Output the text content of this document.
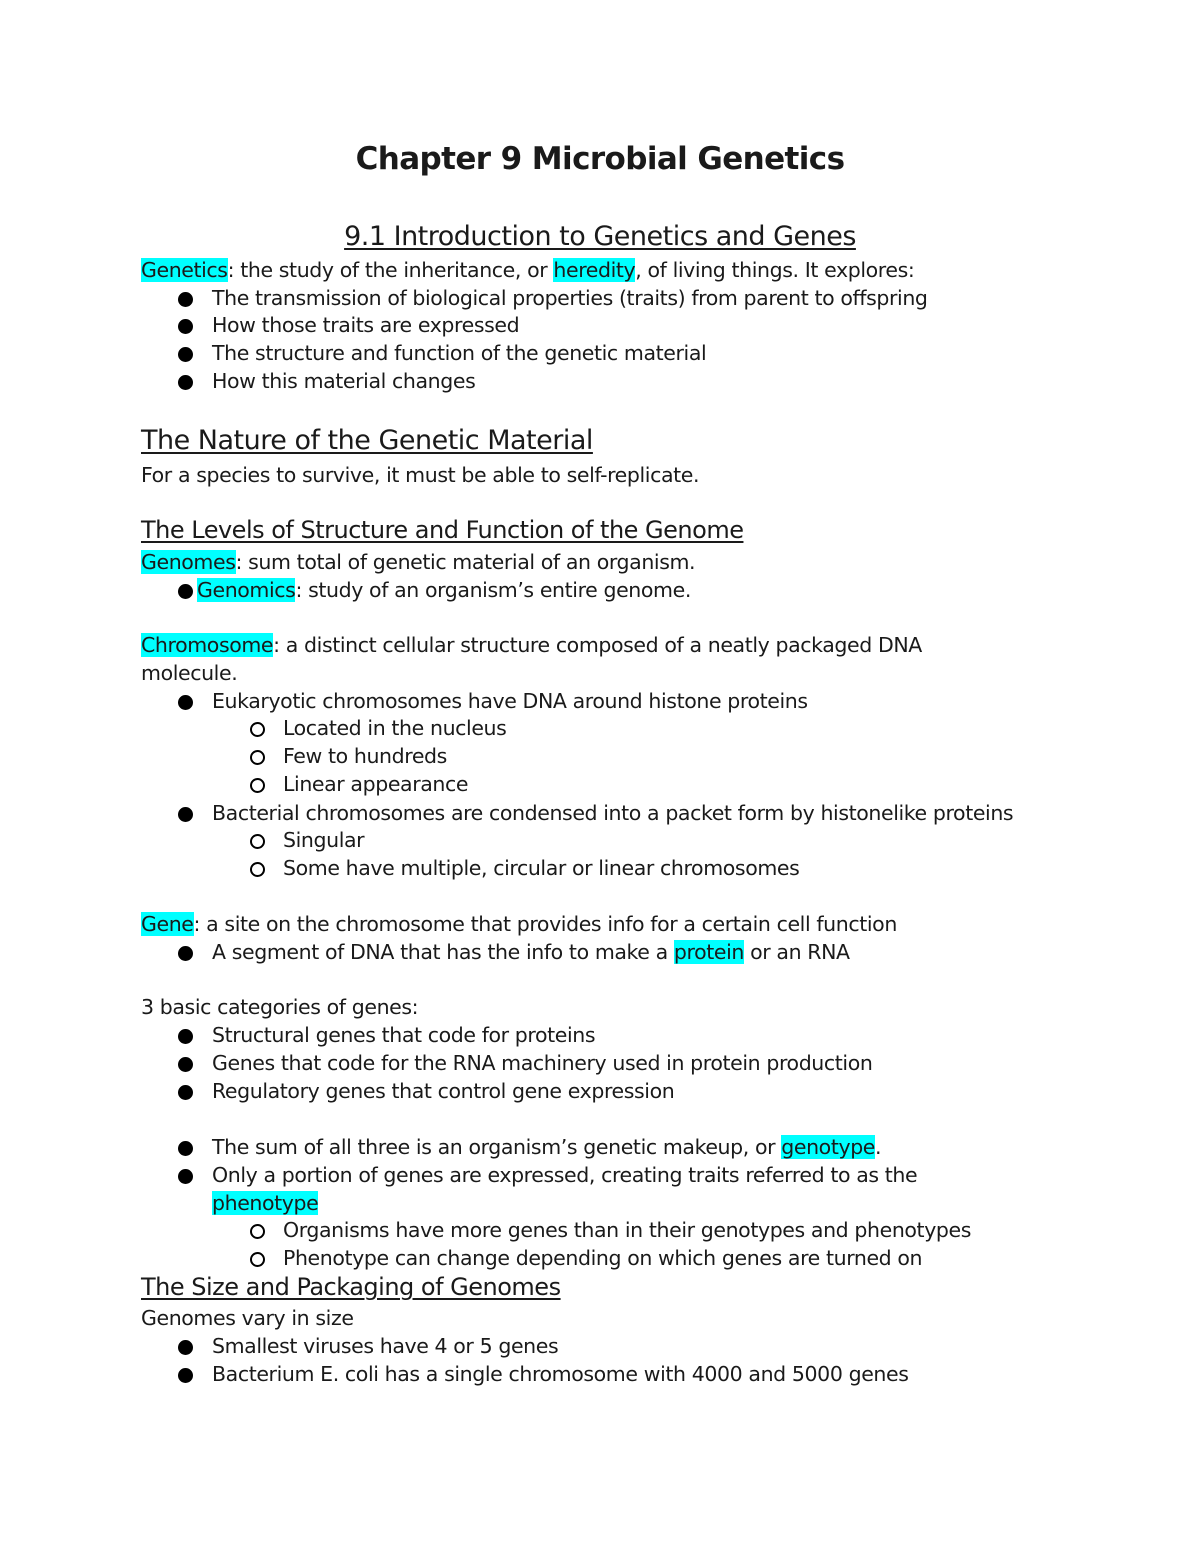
Chapter 9 Microbial Genetics
9.1 Introduction to Genetics and Genes
Genetics: the study of the inheritance, or heredity, of living things. It explores:
The transmission of biological properties (traits) from parent to offspring
How those traits are expressed
The structure and function of the genetic material
How this material changes
The Nature of the Genetic Material
For a species to survive, it must be able to self-replicate.
The Levels of Structure and Function of the Genome
Genomes: sum total of genetic material of an organism.
Genomics: study of an organism’s entire genome.
Chromosome: a distinct cellular structure composed of a neatly packaged DNA
molecule.
Eukaryotic chromosomes have DNA around histone proteins
Located in the nucleus
Few to hundreds
Linear appearance
Bacterial chromosomes are condensed into a packet form by histonelike proteins
Singular
Some have multiple, circular or linear chromosomes
Gene: a site on the chromosome that provides info for a certain cell function
A segment of DNA that has the info to make a protein or an RNA
3 basic categories of genes:
Structural genes that code for proteins
Genes that code for the RNA machinery used in protein production
Regulatory genes that control gene expression
The sum of all three is an organism’s genetic makeup, or genotype.
Only a portion of genes are expressed, creating traits referred to as the
phenotype
Organisms have more genes than in their genotypes and phenotypes
Phenotype can change depending on which genes are turned on
The Size and Packaging of Genomes
Genomes vary in size
Smallest viruses have 4 or 5 genes
Bacterium E. coli has a single chromosome with 4000 and 5000 genes
